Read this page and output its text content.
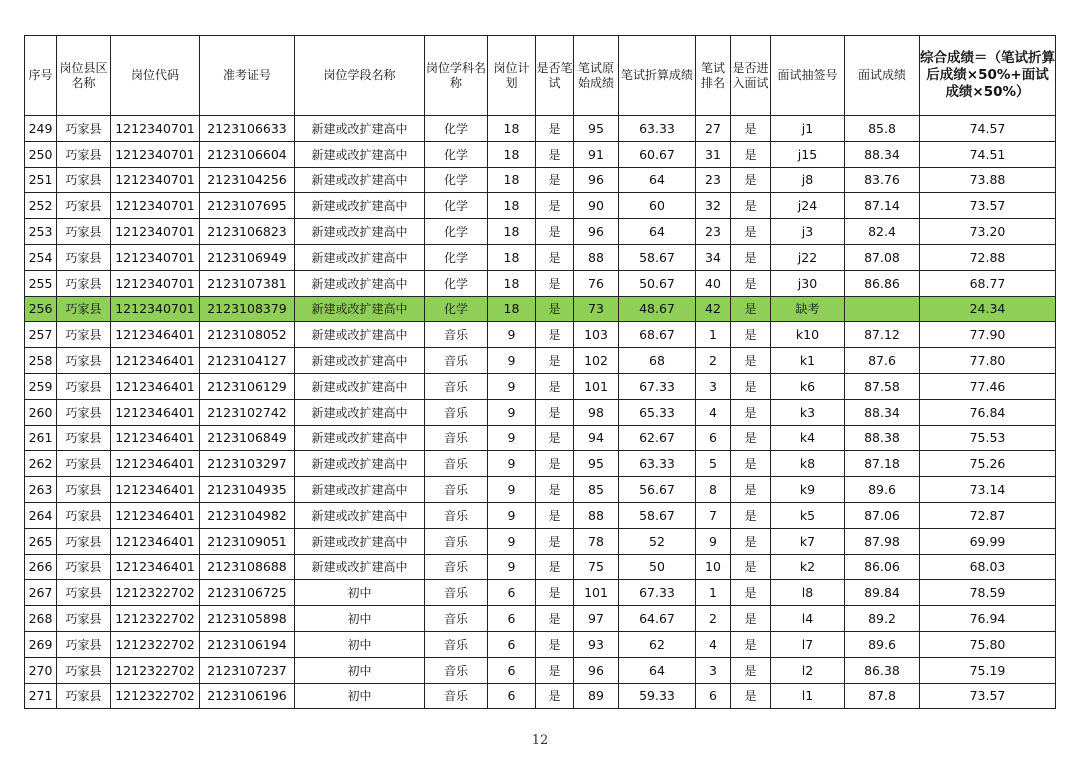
序号	岗位县区名称	岗位代码	准考证号	岗位学段名称	岗位学科名称	岗位计划	是否笔试	笔试原始成绩	笔试折算成绩	笔试排名	是否进入面试	面试抽签号	面试成绩	综合成绩＝（笔试折算后成绩×50%+面试成绩×50%）
249	巧家县	1212340701	2123106633	新建或改扩建高中	化学	18	是	95	63.33	27	是	j1	85.8	74.57
250	巧家县	1212340701	2123106604	新建或改扩建高中	化学	18	是	91	60.67	31	是	j15	88.34	74.51
251	巧家县	1212340701	2123104256	新建或改扩建高中	化学	18	是	96	64	23	是	j8	83.76	73.88
252	巧家县	1212340701	2123107695	新建或改扩建高中	化学	18	是	90	60	32	是	j24	87.14	73.57
253	巧家县	1212340701	2123106823	新建或改扩建高中	化学	18	是	96	64	23	是	j3	82.4	73.20
254	巧家县	1212340701	2123106949	新建或改扩建高中	化学	18	是	88	58.67	34	是	j22	87.08	72.88
255	巧家县	1212340701	2123107381	新建或改扩建高中	化学	18	是	76	50.67	40	是	j30	86.86	68.77
256	巧家县	1212340701	2123108379	新建或改扩建高中	化学	18	是	73	48.67	42	是	缺考		24.34
257	巧家县	1212346401	2123108052	新建或改扩建高中	音乐	9	是	103	68.67	1	是	k10	87.12	77.90
258	巧家县	1212346401	2123104127	新建或改扩建高中	音乐	9	是	102	68	2	是	k1	87.6	77.80
259	巧家县	1212346401	2123106129	新建或改扩建高中	音乐	9	是	101	67.33	3	是	k6	87.58	77.46
260	巧家县	1212346401	2123102742	新建或改扩建高中	音乐	9	是	98	65.33	4	是	k3	88.34	76.84
261	巧家县	1212346401	2123106849	新建或改扩建高中	音乐	9	是	94	62.67	6	是	k4	88.38	75.53
262	巧家县	1212346401	2123103297	新建或改扩建高中	音乐	9	是	95	63.33	5	是	k8	87.18	75.26
263	巧家县	1212346401	2123104935	新建或改扩建高中	音乐	9	是	85	56.67	8	是	k9	89.6	73.14
264	巧家县	1212346401	2123104982	新建或改扩建高中	音乐	9	是	88	58.67	7	是	k5	87.06	72.87
265	巧家县	1212346401	2123109051	新建或改扩建高中	音乐	9	是	78	52	9	是	k7	87.98	69.99
266	巧家县	1212346401	2123108688	新建或改扩建高中	音乐	9	是	75	50	10	是	k2	86.06	68.03
267	巧家县	1212322702	2123106725	初中	音乐	6	是	101	67.33	1	是	l8	89.84	78.59
268	巧家县	1212322702	2123105898	初中	音乐	6	是	97	64.67	2	是	l4	89.2	76.94
269	巧家县	1212322702	2123106194	初中	音乐	6	是	93	62	4	是	l7	89.6	75.80
270	巧家县	1212322702	2123107237	初中	音乐	6	是	96	64	3	是	l2	86.38	75.19
271	巧家县	1212322702	2123106196	初中	音乐	6	是	89	59.33	6	是	l1	87.8	73.57
12
